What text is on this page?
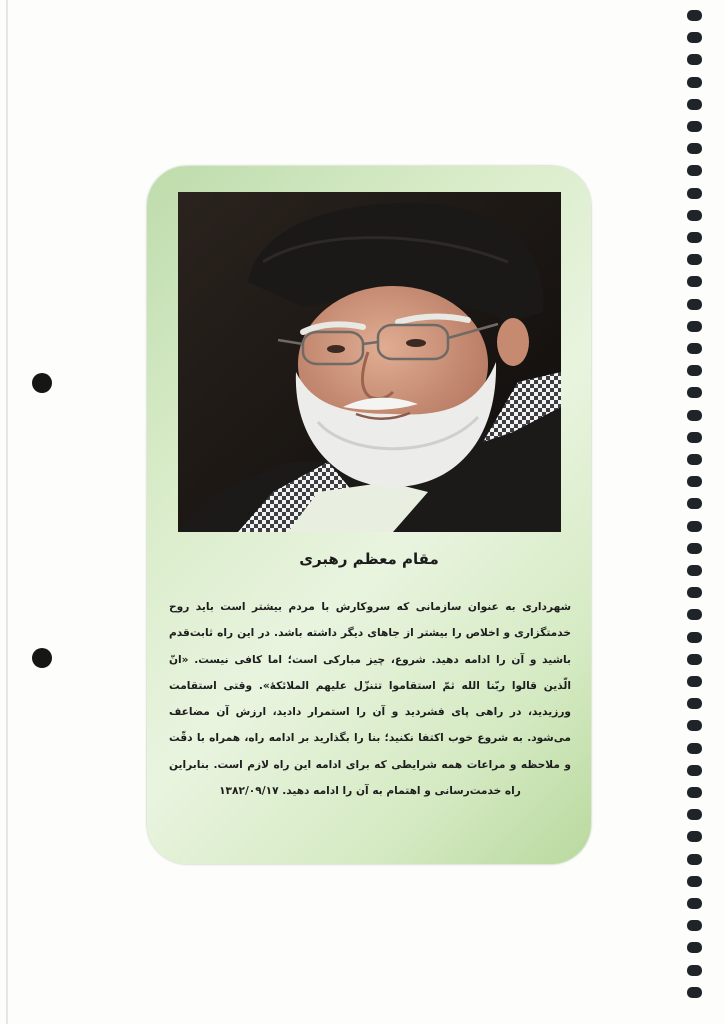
مقام معظم رهبری
شهرداری به عنوان سازمانی که سروکارش با مردم بیشتر است باید روح خدمتگزاری و اخلاص را بیشتر از جاهای دیگر داشته باشد. در این راه ثابت‌قدم باشید و آن را ادامه دهید. شروع، چیز مبارکی است؛ اما کافی نیست. «انّ الّذین قالوا ربّنا الله ثمّ استقاموا تتنزّل علیهم الملائکهٔ». وقتی استقامت ورزیدید، در راهی پای فشردید و آن را استمرار دادید، ارزش آن مضاعف می‌شود. به شروع خوب اکتفا نکنید؛ بنا را بگذارید بر ادامه راه، همراه با دقّت و ملاحظه و مراعات همه شرایطی که برای ادامه این راه لازم است. بنابراین راه خدمت‌رسانی و اهتمام به آن را ادامه دهید. ۱۳۸۲/۰۹/۱۷
